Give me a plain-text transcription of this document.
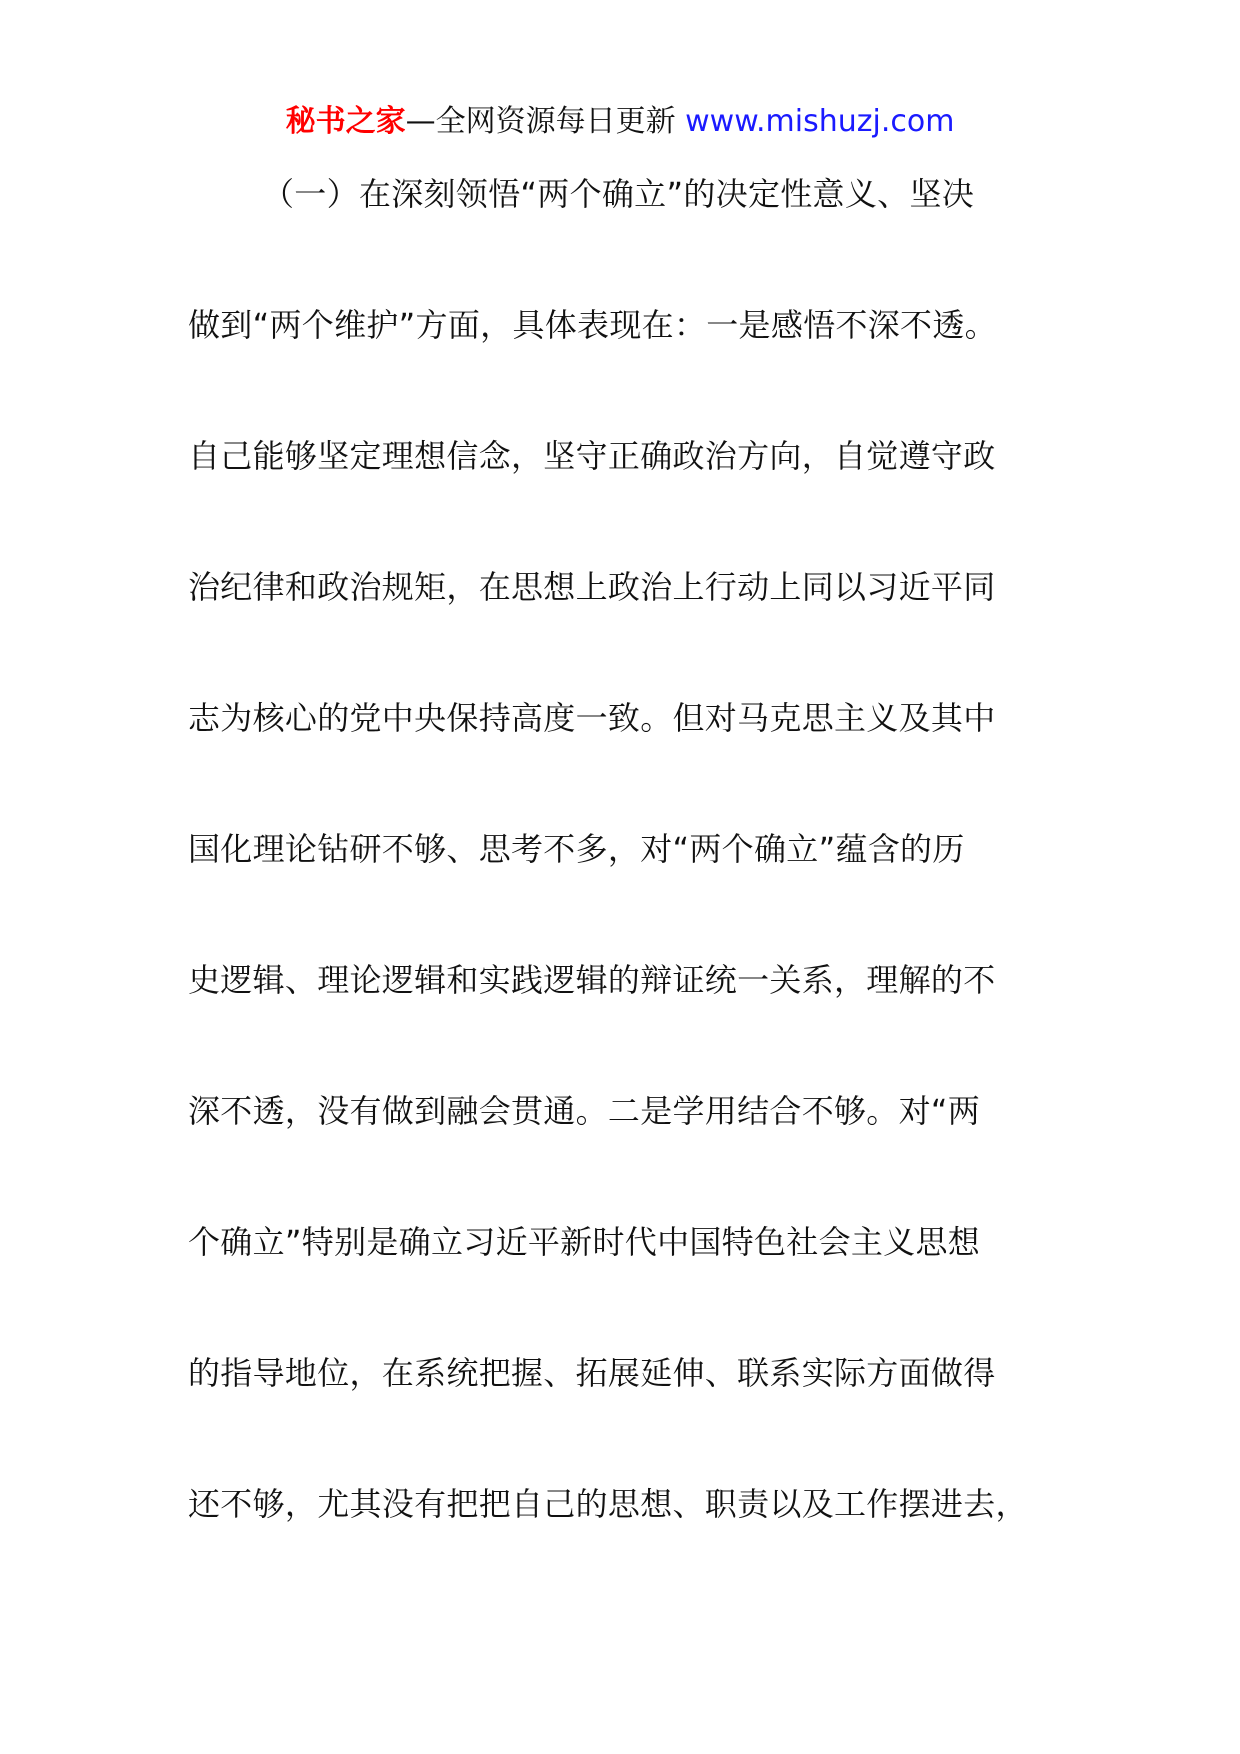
秘书之家—全网资源每日更新 www.mishuzj.com
（一）在深刻领悟“两个确立”的决定性意义、坚决
做到“两个维护”方面，具体表现在：一是感悟不深不透。
自己能够坚定理想信念，坚守正确政治方向，自觉遵守政
治纪律和政治规矩，在思想上政治上行动上同以习近平同
志为核心的党中央保持高度一致。但对马克思主义及其中
国化理论钻研不够、思考不多，对“两个确立”蕴含的历
史逻辑、理论逻辑和实践逻辑的辩证统一关系，理解的不
深不透，没有做到融会贯通。二是学用结合不够。对“两
个确立”特别是确立习近平新时代中国特色社会主义思想
的指导地位，在系统把握、拓展延伸、联系实际方面做得
还不够，尤其没有把把自己的思想、职责以及工作摆进去，
